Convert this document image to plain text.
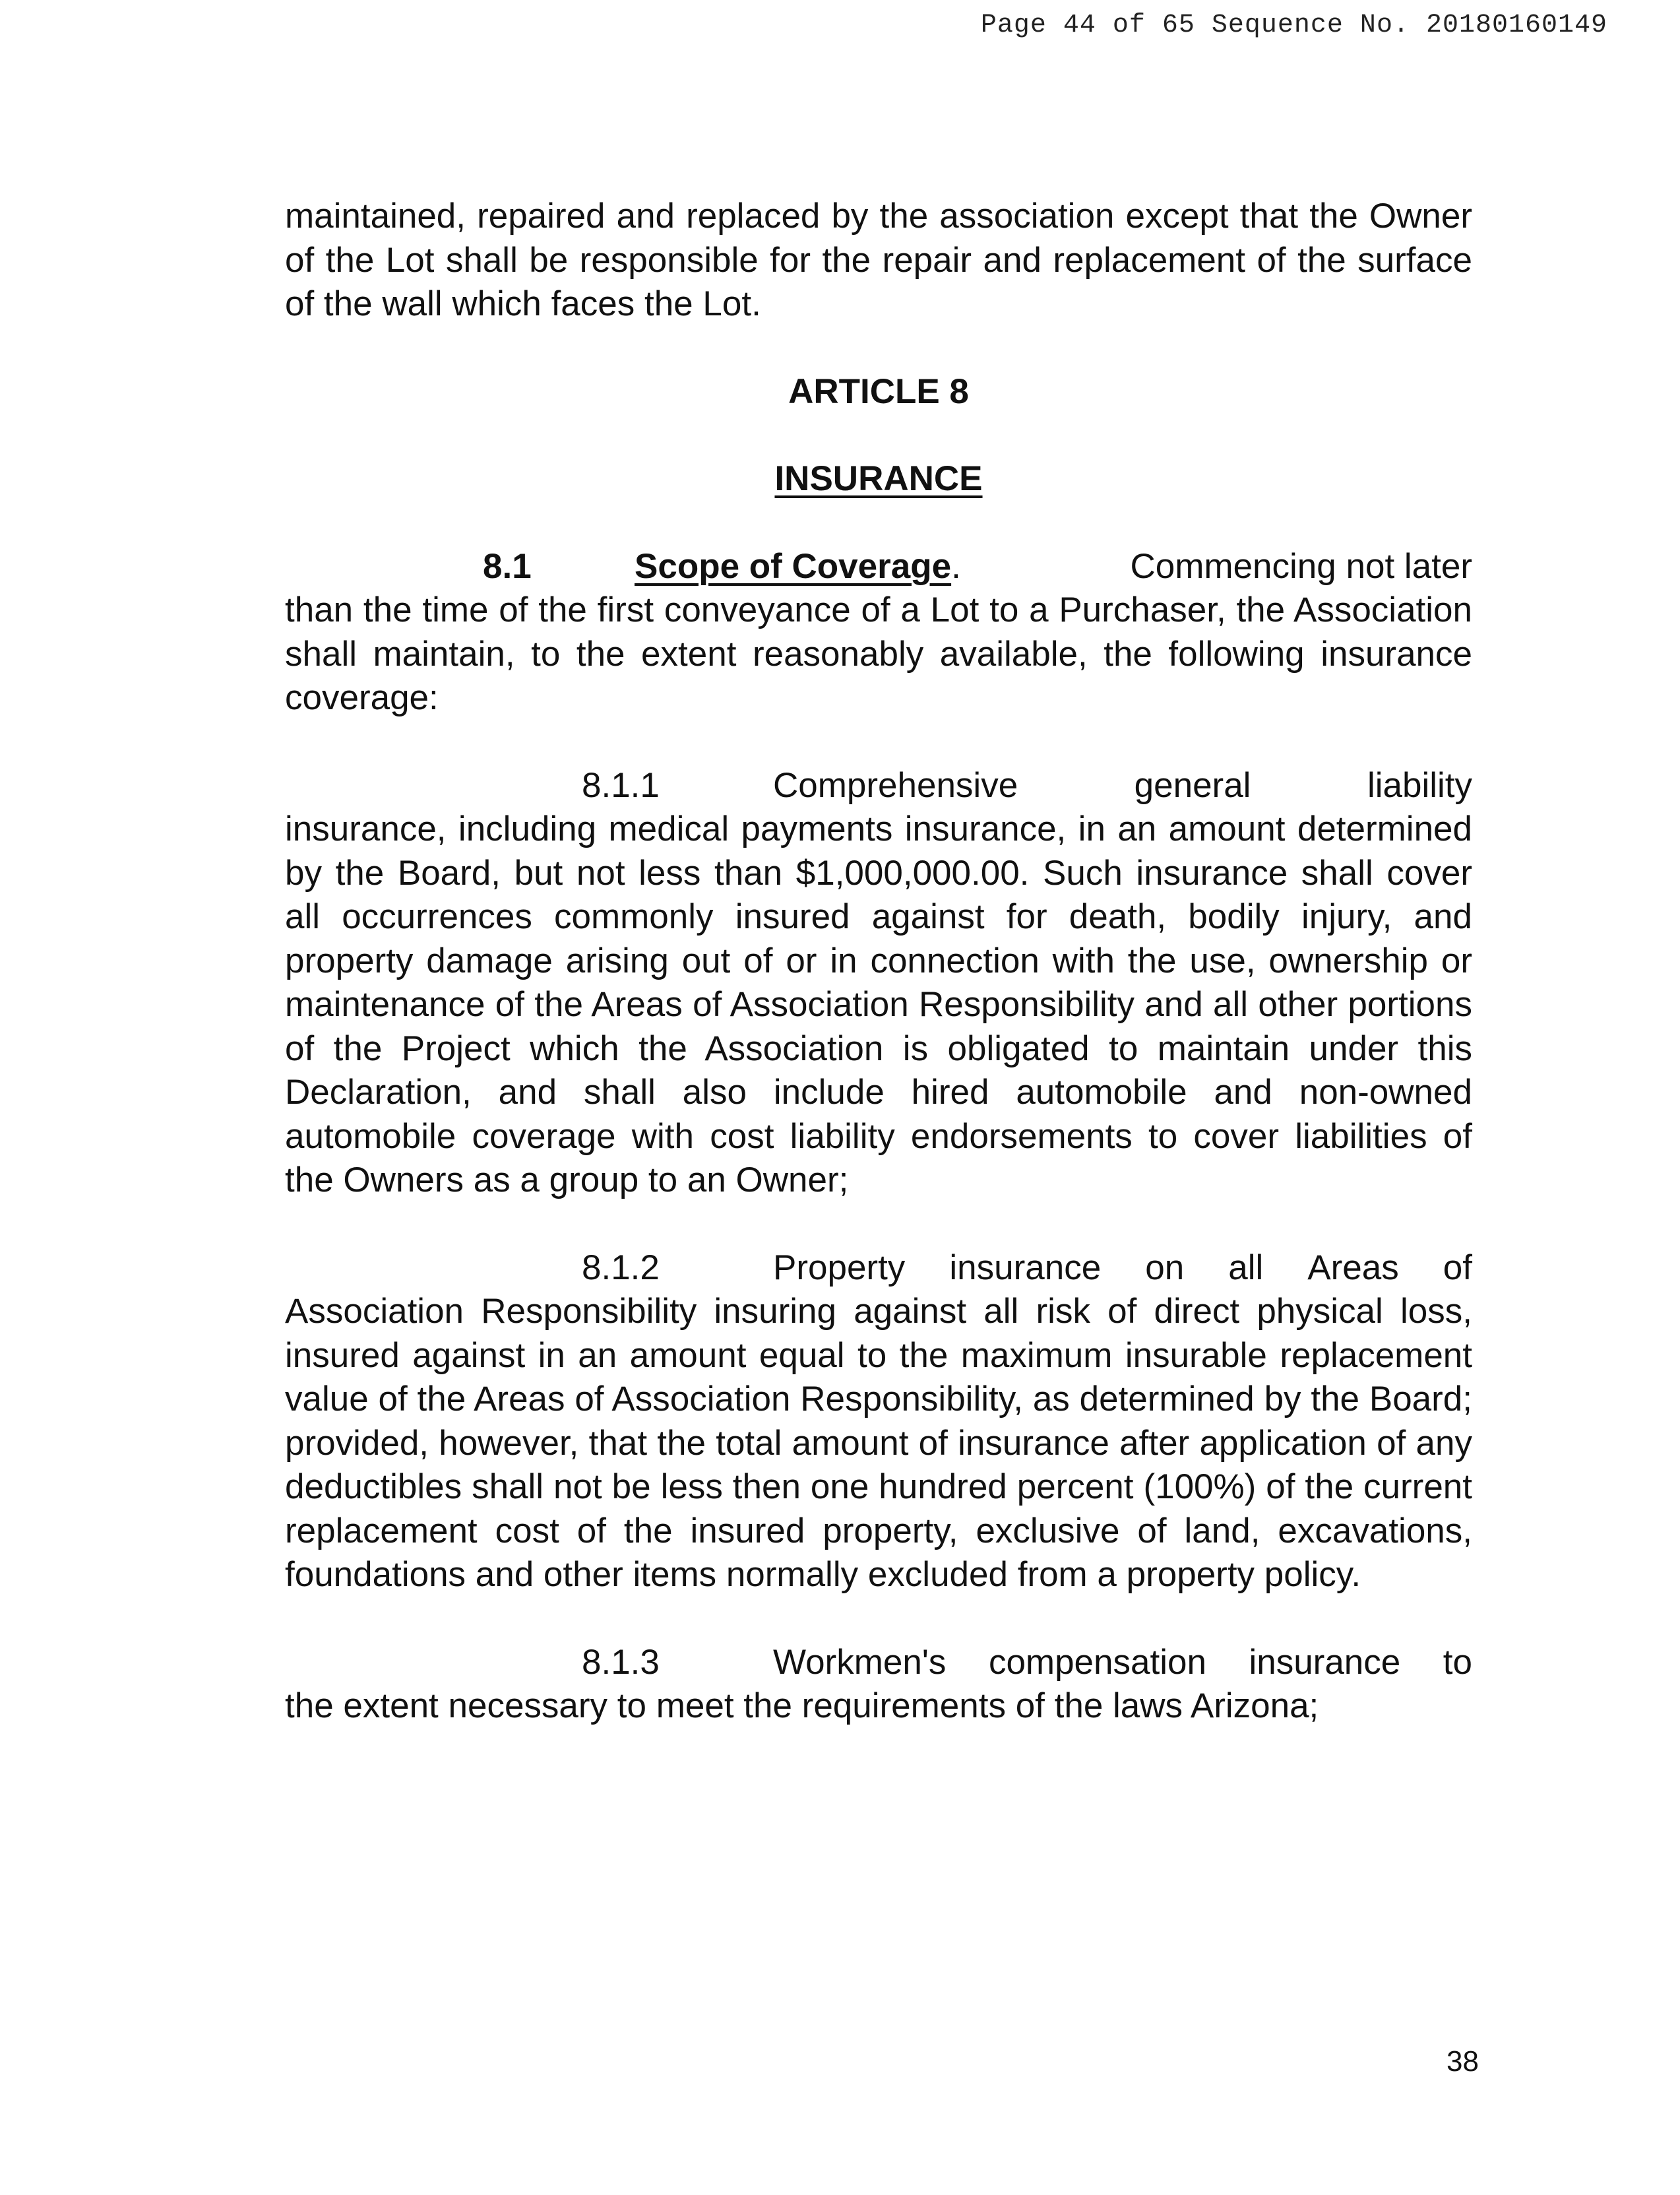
Page 44 of 65 Sequence No. 20180160149

maintained, repaired and replaced by the association except that the Owner of the Lot shall be responsible for the repair and replacement of the surface of the wall which faces the Lot.

ARTICLE 8

INSURANCE

8.1	Scope of Coverage.	Commencing not later

than the time of the first conveyance of a Lot to a Purchaser, the Association shall maintain, to the extent reasonably available, the following insurance coverage:

8.1.1	Comprehensive	general	liability

insurance, including medical payments insurance, in an amount determined by the Board, but not less than $1,000,000.00. Such insurance shall cover all occurrences commonly insured against for death, bodily injury, and property damage arising out of or in connection with the use, ownership or maintenance of the Areas of Association Responsibility and all other portions of the Project which the Association is obligated to maintain under this Declaration, and shall also include hired automobile and non-owned automobile coverage with cost liability endorsements to cover liabilities of the Owners as a group to an Owner;

8.1.2	Property insurance on all Areas of

Association Responsibility insuring against all risk of direct physical loss, insured against in an amount equal to the maximum insurable replacement value of the Areas of Association Responsibility, as determined by the Board; provided, however, that the total amount of insurance after application of any deductibles shall not be less then one hundred percent (100%) of the current replacement cost of the insured property, exclusive of land, excavations, foundations and other items normally excluded from a property policy.

8.1.3	Workmen's compensation insurance to

the extent necessary to meet the requirements of the laws Arizona;

38
